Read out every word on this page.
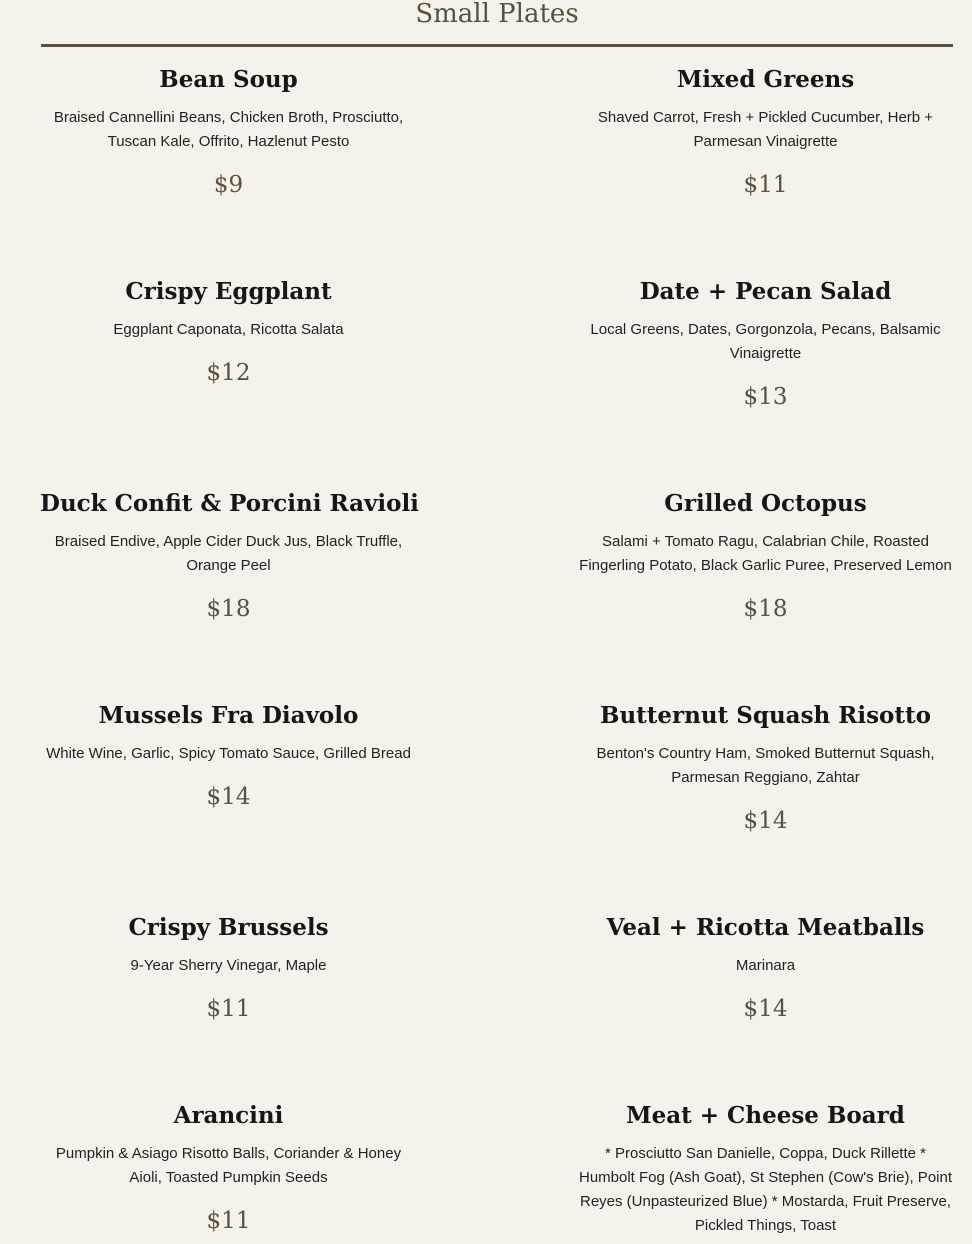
Small Plates
Bean Soup

Braised Cannellini Beans, Chicken Broth, Prosciutto, Tuscan Kale, Offrito, Hazlenut Pesto

$9

Mixed Greens

Shaved Carrot, Fresh + Pickled Cucumber, Herb + Parmesan Vinaigrette

$11

Crispy Eggplant

Eggplant Caponata, Ricotta Salata

$12

Date + Pecan Salad

Local Greens, Dates, Gorgonzola, Pecans, Balsamic Vinaigrette

$13

Duck Confit & Porcini Ravioli

Braised Endive, Apple Cider Duck Jus, Black Truffle, Orange Peel

$18

Grilled Octopus

Salami + Tomato Ragu, Calabrian Chile, Roasted Fingerling Potato, Black Garlic Puree, Preserved Lemon

$18

Mussels Fra Diavolo

White Wine, Garlic, Spicy Tomato Sauce, Grilled Bread

$14

Butternut Squash Risotto

Benton's Country Ham, Smoked Butternut Squash, Parmesan Reggiano, Zahtar

$14

Crispy Brussels

9-Year Sherry Vinegar, Maple

$11

Veal + Ricotta Meatballs

Marinara

$14

Arancini

Pumpkin & Asiago Risotto Balls, Coriander & Honey Aioli, Toasted Pumpkin Seeds

$11

Meat + Cheese Board

* Prosciutto San Danielle, Coppa, Duck Rillette * Humbolt Fog (Ash Goat), St Stephen (Cow's Brie), Point Reyes (Unpasteurized Blue) * Mostarda, Fruit Preserve, Pickled Things, Toast
